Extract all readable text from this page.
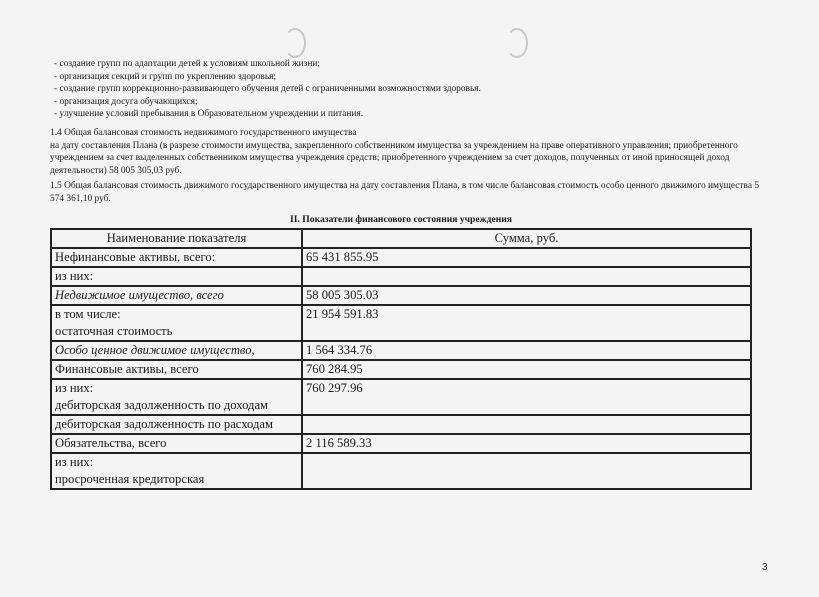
- создание групп по адаптации детей к условиям школьной жизни;
- организация секций и групп по укреплению здоровья;
- создание групп коррекционно-развивающего обучения детей с ограниченными возможностями здоровья.
- организация досуга обучающихся;
- улучшение условий пребывания в Образовательном учреждении и питания.
1.4 Общая балансовая стоимость недвижимого государственного имущества
на дату составления Плана (в разрезе стоимости имущества, закрепленного собственником имущества за учреждением на праве оперативного управления; приобретенного учреждением за счет выделенных собственником имущества учреждения средств; приобретенного учреждением за счет доходов, полученных от иной приносящей доход деятельности) 58 005 305,03 руб.
1.5 Общая балансовая стоимость движимого государственного имущества на дату составления Плана, в том числе балансовая стоимость особо ценного движимого имущества 5 574 361,10 руб.
II. Показатели финансового состояния учреждения
Наименование показателя	Сумма, руб.
Нефинансовые активы, всего:	65 431 855.95
из них:	
Недвижимое имущество, всего	58 005 305.03

в том числе:
остаточная стоимость	21 954 591.83
Особо ценное движимое имущество,	1 564 334.76
Финансовые активы, всего	760 284.95

из них:
дебиторская задолженность по доходам	760 297.96
дебиторская задолженность по расходам	
Обязательства, всего	2 116 589.33

из них:
просроченная кредиторская	

3
